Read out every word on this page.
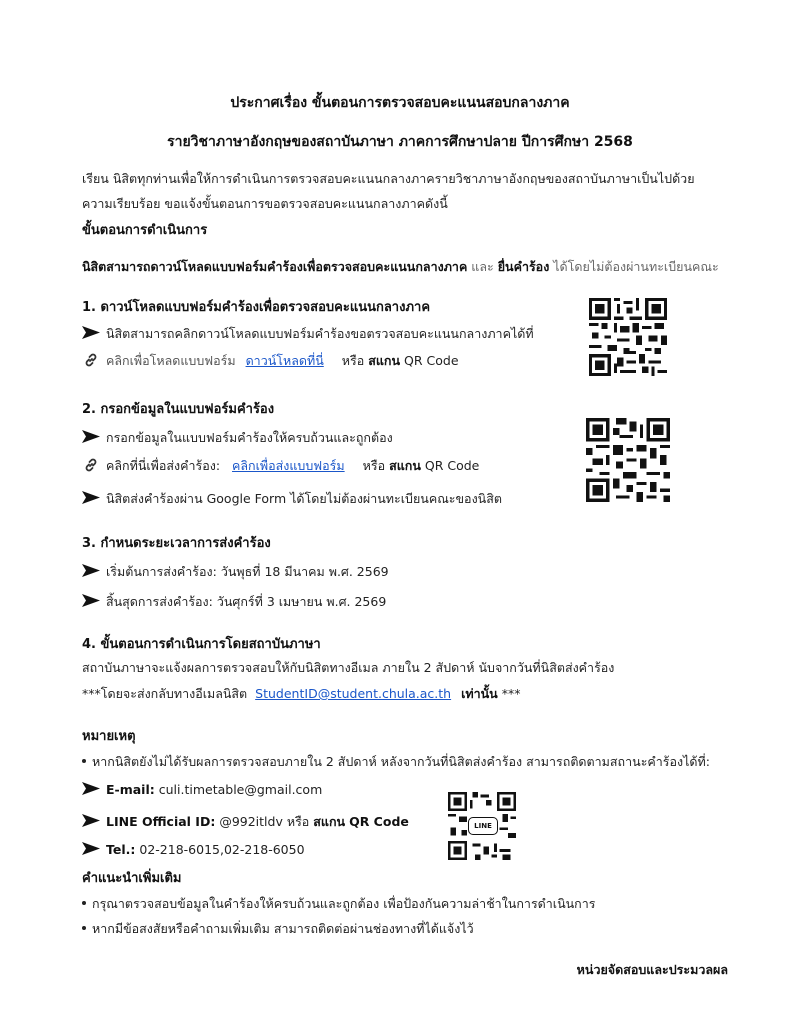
ประกาศเรื่อง ขั้นตอนการตรวจสอบคะแนนสอบกลางภาค
รายวิชาภาษาอังกฤษของสถาบันภาษา ภาคการศึกษาปลาย ปีการศึกษา 2568
เรียน นิสิตทุกท่านเพื่อให้การดำเนินการตรวจสอบคะแนนกลางภาครายวิชาภาษาอังกฤษของสถาบันภาษาเป็นไปด้วย
ความเรียบร้อย ขอแจ้งขั้นตอนการขอตรวจสอบคะแนนกลางภาคดังนี้
ขั้นตอนการดำเนินการ
นิสิตสามารถดาวน์โหลดแบบฟอร์มคำร้องเพื่อตรวจสอบคะแนนกลางภาค และ ยื่นคำร้อง ได้โดยไม่ต้องผ่านทะเบียนคณะ
1. ดาวน์โหลดแบบฟอร์มคำร้องเพื่อตรวจสอบคะแนนกลางภาค
นิสิตสามารถคลิกดาวน์โหลดแบบฟอร์มคำร้องขอตรวจสอบคะแนนกลางภาคได้ที่
คลิกเพื่อโหลดแบบฟอร์ม ดาวน์โหลดที่นี่ หรือ สแกน QR Code
2. กรอกข้อมูลในแบบฟอร์มคำร้อง
กรอกข้อมูลในแบบฟอร์มคำร้องให้ครบถ้วนและถูกต้อง
คลิกที่นี่เพื่อส่งคำร้อง: คลิกเพื่อส่งแบบฟอร์ม หรือ สแกน QR Code
นิสิตส่งคำร้องผ่าน Google Form ได้โดยไม่ต้องผ่านทะเบียนคณะของนิสิต
3. กำหนดระยะเวลาการส่งคำร้อง
เริ่มต้นการส่งคำร้อง: วันพุธที่ 18 มีนาคม พ.ศ. 2569
สิ้นสุดการส่งคำร้อง: วันศุกร์ที่ 3 เมษายน พ.ศ. 2569
4. ขั้นตอนการดำเนินการโดยสถาบันภาษา
สถาบันภาษาจะแจ้งผลการตรวจสอบให้กับนิสิตทางอีเมล ภายใน 2 สัปดาห์ นับจากวันที่นิสิตส่งคำร้อง
***โดยจะส่งกลับทางอีเมลนิสิต StudentID@student.chula.ac.th เท่านั้น ***
หมายเหตุ
หากนิสิตยังไม่ได้รับผลการตรวจสอบภายใน 2 สัปดาห์ หลังจากวันที่นิสิตส่งคำร้อง สามารถติดตามสถานะคำร้องได้ที่:
E-mail: culi.timetable@gmail.com
LINE Official ID: @992itldv หรือ สแกน QR Code
Tel.: 02-218-6015,02-218-6050
LINE
คำแนะนำเพิ่มเติม
กรุณาตรวจสอบข้อมูลในคำร้องให้ครบถ้วนและถูกต้อง เพื่อป้องกันความล่าช้าในการดำเนินการ
หากมีข้อสงสัยหรือคำถามเพิ่มเติม สามารถติดต่อผ่านช่องทางที่ได้แจ้งไว้
หน่วยจัดสอบและประมวลผล
